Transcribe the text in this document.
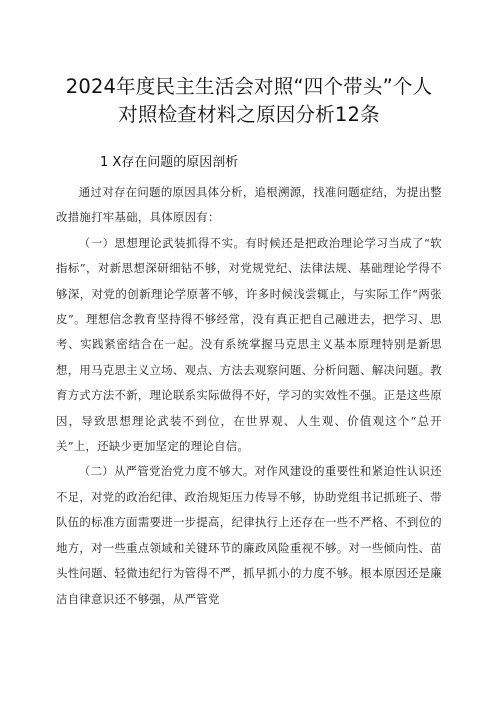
2024年度民主生活会对照“四个带头”个人
对照检查材料之原因分析12条
1 X存在问题的原因剖析

通过对存在问题的原因具体分析，追根溯源，找准问题症结，为提出整改措施打牢基础，具体原因有：

（一）思想理论武装抓得不实。有时候还是把政治理论学习当成了“软指标”，对新思想深研细钻不够，对党规党纪、法律法规、基础理论学得不够深，对党的创新理论学原著不够，许多时候浅尝辄止，与实际工作“两张皮”。理想信念教育坚持得不够经常，没有真正把自己融进去，把学习、思考、实践紧密结合在一起。没有系统掌握马克思主义基本原理特别是新思想，用马克思主义立场、观点、方法去观察问题、分析问题、解决问题。教育方式方法不新，理论联系实际做得不好，学习的实效性不强。正是这些原因，导致思想理论武装不到位，在世界观、人生观、价值观这个“总开关”上，还缺少更加坚定的理论自信。

（二）从严管党治党力度不够大。对作风建设的重要性和紧迫性认识还不足，对党的政治纪律、政治规矩压力传导不够，协助党组书记抓班子、带队伍的标准方面需要进一步提高，纪律执行上还存在一些不严格、不到位的地方，对一些重点领域和关键环节的廉政风险重视不够。对一些倾向性、苗头性问题、轻微违纪行为管得不严，抓早抓小的力度不够。根本原因还是廉洁自律意识还不够强，从严管党
